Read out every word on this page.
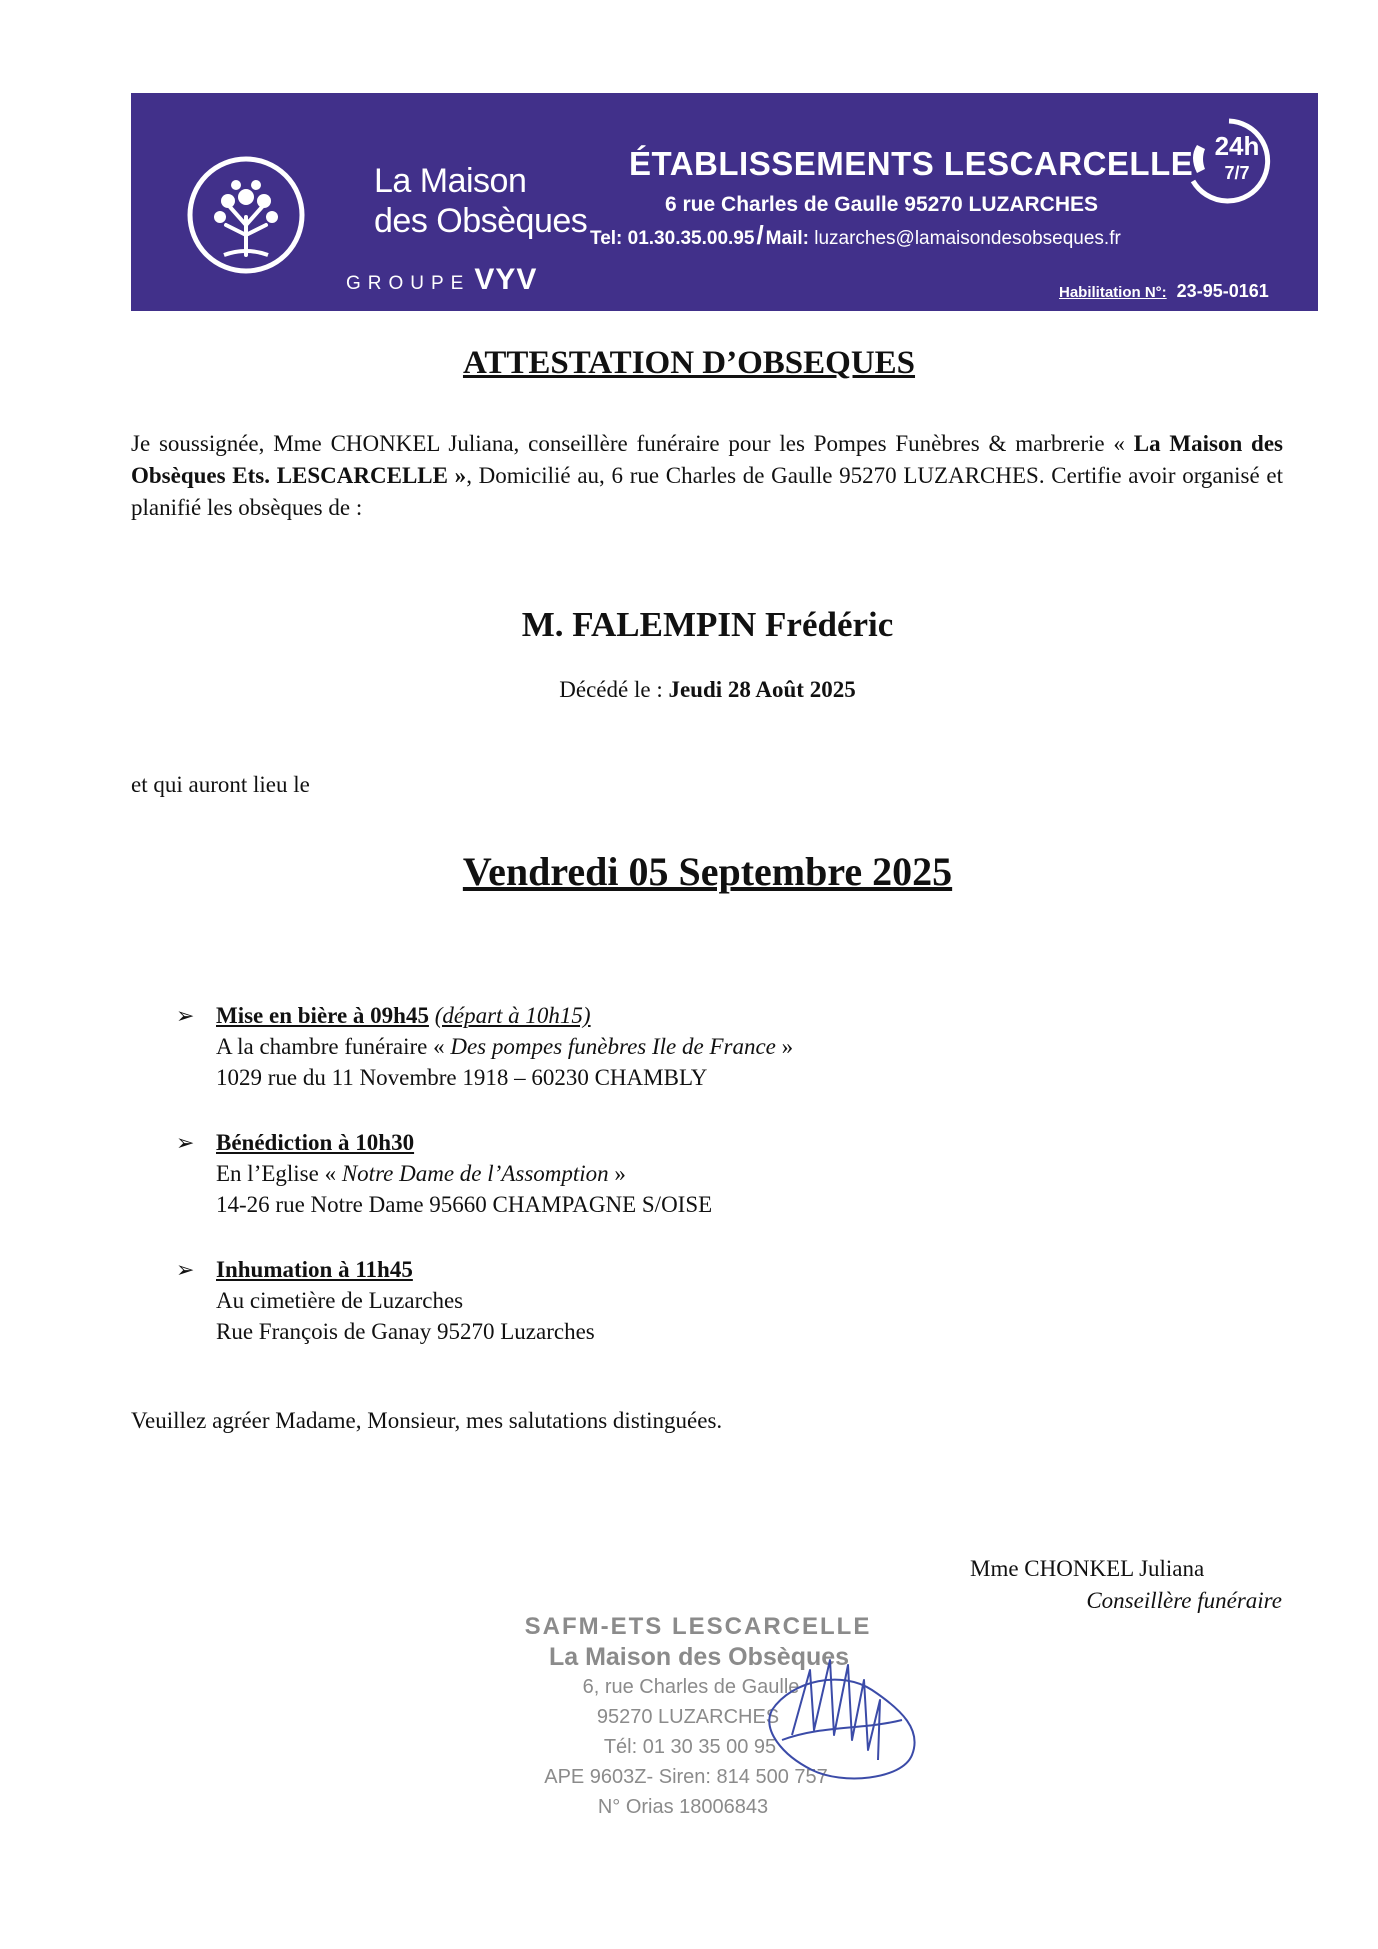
La Maison
des Obsèques
GROUPE VYV
ÉTABLISSEMENTS LESCARCELLE
6 rue Charles de Gaulle 95270 LUZARCHES
Tel: 01.30.35.00.95/ Mail: luzarches@lamaisondesobseques.fr
Habilitation N°: 23-95-0161
24h
7/7
ATTESTATION D’OBSEQUES
Je soussignée, Mme CHONKEL Juliana, conseillère funéraire pour les Pompes Funèbres & marbrerie « La Maison des Obsèques Ets. LESCARCELLE », Domicilié au, 6 rue Charles de Gaulle 95270 LUZARCHES. Certifie avoir organisé et planifié les obsèques de :
M. FALEMPIN Frédéric
Décédé le : Jeudi 28 Août 2025
et qui auront lieu le
Vendredi 05 Septembre 2025
➢ Mise en bière à 09h45 (départ à 10h15)
A la chambre funéraire « Des pompes funèbres Ile de France »
1029 rue du 11 Novembre 1918 – 60230 CHAMBLY
➢ Bénédiction à 10h30
En l’Eglise « Notre Dame de l’Assomption »
14-26 rue Notre Dame 95660 CHAMPAGNE S/OISE
➢ Inhumation à 11h45
Au cimetière de Luzarches
Rue François de Ganay 95270 Luzarches
Veuillez agréer Madame, Monsieur, mes salutations distinguées.
Mme CHONKEL Juliana
Conseillère funéraire
SAFM-ETS LESCARCELLE
La Maison des Obsèques
6, rue Charles de Gaulle
95270 LUZARCHES
Tél: 01 30 35 00 95
APE 9603Z- Siren: 814 500 757
N° Orias 18006843
